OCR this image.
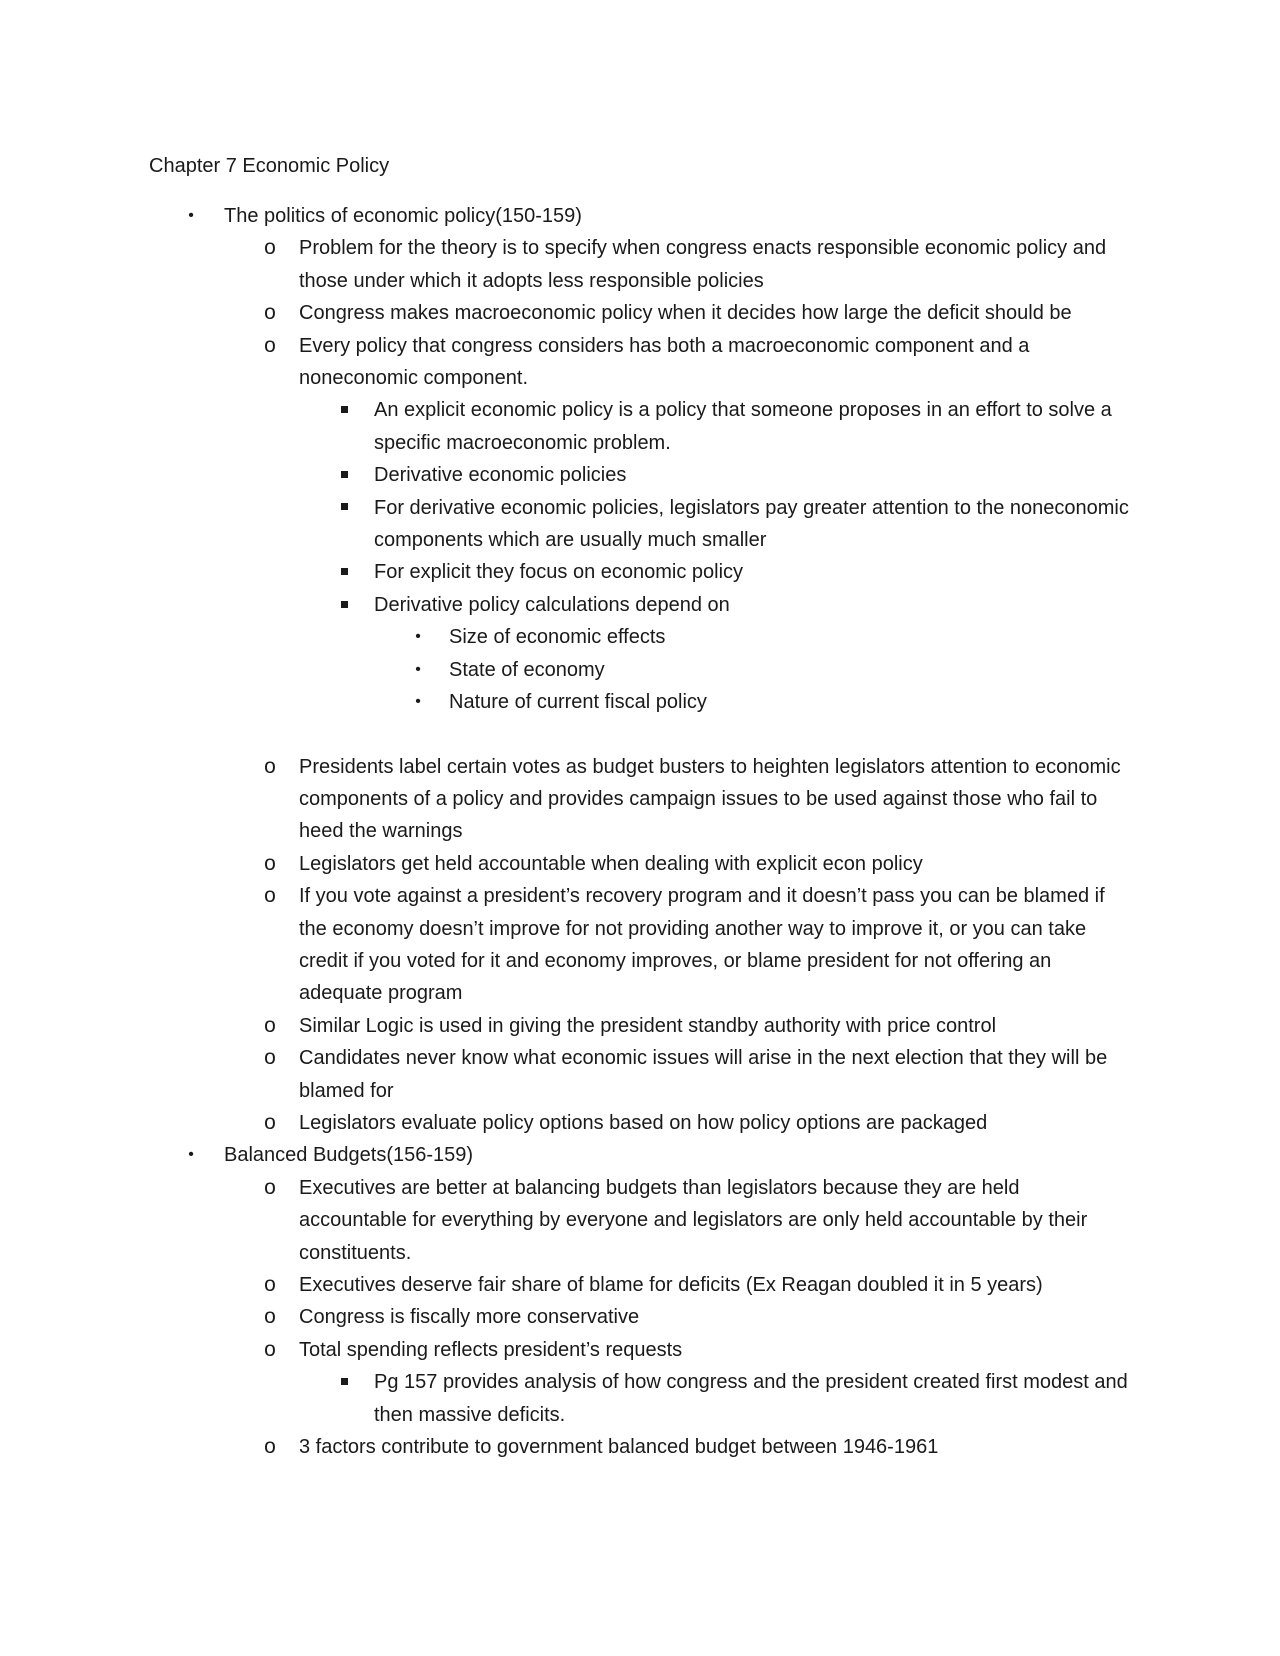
Chapter 7 Economic Policy
•	The politics of economic policy(150-159)
o Problem for the theory is to specify when congress enacts responsible economic policy and those under which it adopts less responsible policies
o Congress makes macroeconomic policy when it decides how large the deficit should be
o Every policy that congress considers has both a macroeconomic component and a noneconomic component.
An explicit economic policy is a policy that someone proposes in an effort to solve a specific macroeconomic problem.
Derivative economic policies
For derivative economic policies, legislators pay greater attention to the noneconomic components which are usually much smaller
For explicit they focus on economic policy
Derivative policy calculations depend on
•	Size of economic effects
•	State of economy
•	Nature of current fiscal policy
o Presidents label certain votes as budget busters to heighten legislators attention to economic components of a policy and provides campaign issues to be used against those who fail to heed the warnings
o Legislators get held accountable when dealing with explicit econ policy
o If you vote against a president’s recovery program and it doesn’t pass you can be blamed if the economy doesn’t improve for not providing another way to improve it, or you can take credit if you voted for it and economy improves, or blame president for not offering an adequate program
o Similar Logic is used in giving the president standby authority with price control
o Candidates never know what economic issues will arise in the next election that they will be blamed for
o Legislators evaluate policy options based on how policy options are packaged
•	Balanced Budgets(156-159)
o Executives are better at balancing budgets than legislators because they are held accountable for everything by everyone and legislators are only held accountable by their constituents.
o Executives deserve fair share of blame for deficits (Ex Reagan doubled it in 5 years)
o Congress is fiscally more conservative
o Total spending reflects president’s requests
Pg 157 provides analysis of how congress and the president created first modest and then massive deficits.
o 3 factors contribute to government balanced budget between 1946-1961
